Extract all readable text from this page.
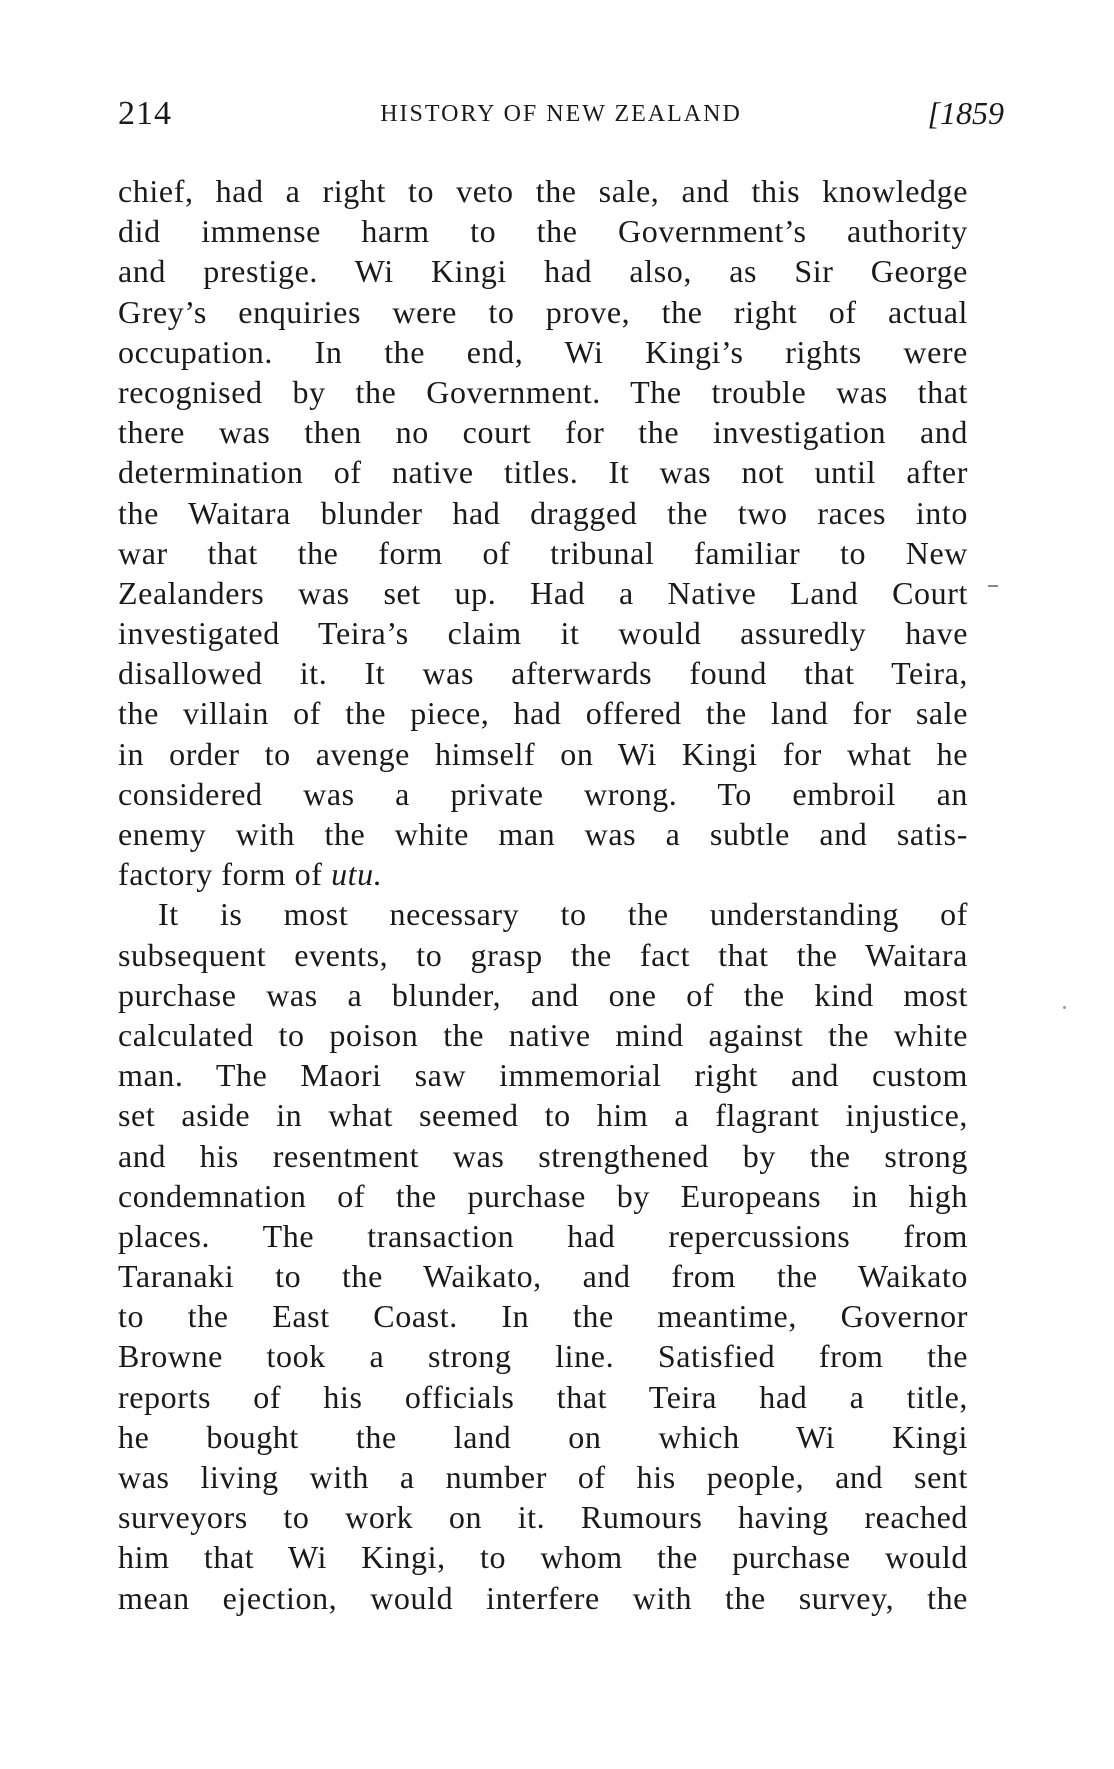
214	HISTORY OF NEW ZEALAND	[1859
chief, had a right to veto the sale, and this knowledge
did immense harm to the Government’s authority
and prestige. Wi Kingi had also, as Sir George
Grey’s enquiries were to prove, the right of actual
occupation. In the end, Wi Kingi’s rights were
recognised by the Government. The trouble was that
there was then no court for the investigation and
determination of native titles. It was not until after
the Waitara blunder had dragged the two races into
war that the form of tribunal familiar to New
Zealanders was set up. Had a Native Land Court
investigated Teira’s claim it would assuredly have
disallowed it. It was afterwards found that Teira,
the villain of the piece, had offered the land for sale
in order to avenge himself on Wi Kingi for what he
considered was a private wrong. To embroil an
enemy with the white man was a subtle and satis-
factory form of utu.
It is most necessary to the understanding of
subsequent events, to grasp the fact that the Waitara
purchase was a blunder, and one of the kind most
calculated to poison the native mind against the white
man. The Maori saw immemorial right and custom
set aside in what seemed to him a flagrant injustice,
and his resentment was strengthened by the strong
condemnation of the purchase by Europeans in high
places. The transaction had repercussions from
Taranaki to the Waikato, and from the Waikato
to the East Coast. In the meantime, Governor
Browne took a strong line. Satisfied from the
reports of his officials that Teira had a title,
he bought the land on which Wi Kingi
was living with a number of his people, and sent
surveyors to work on it. Rumours having reached
him that Wi Kingi, to whom the purchase would
mean ejection, would interfere with the survey, the
